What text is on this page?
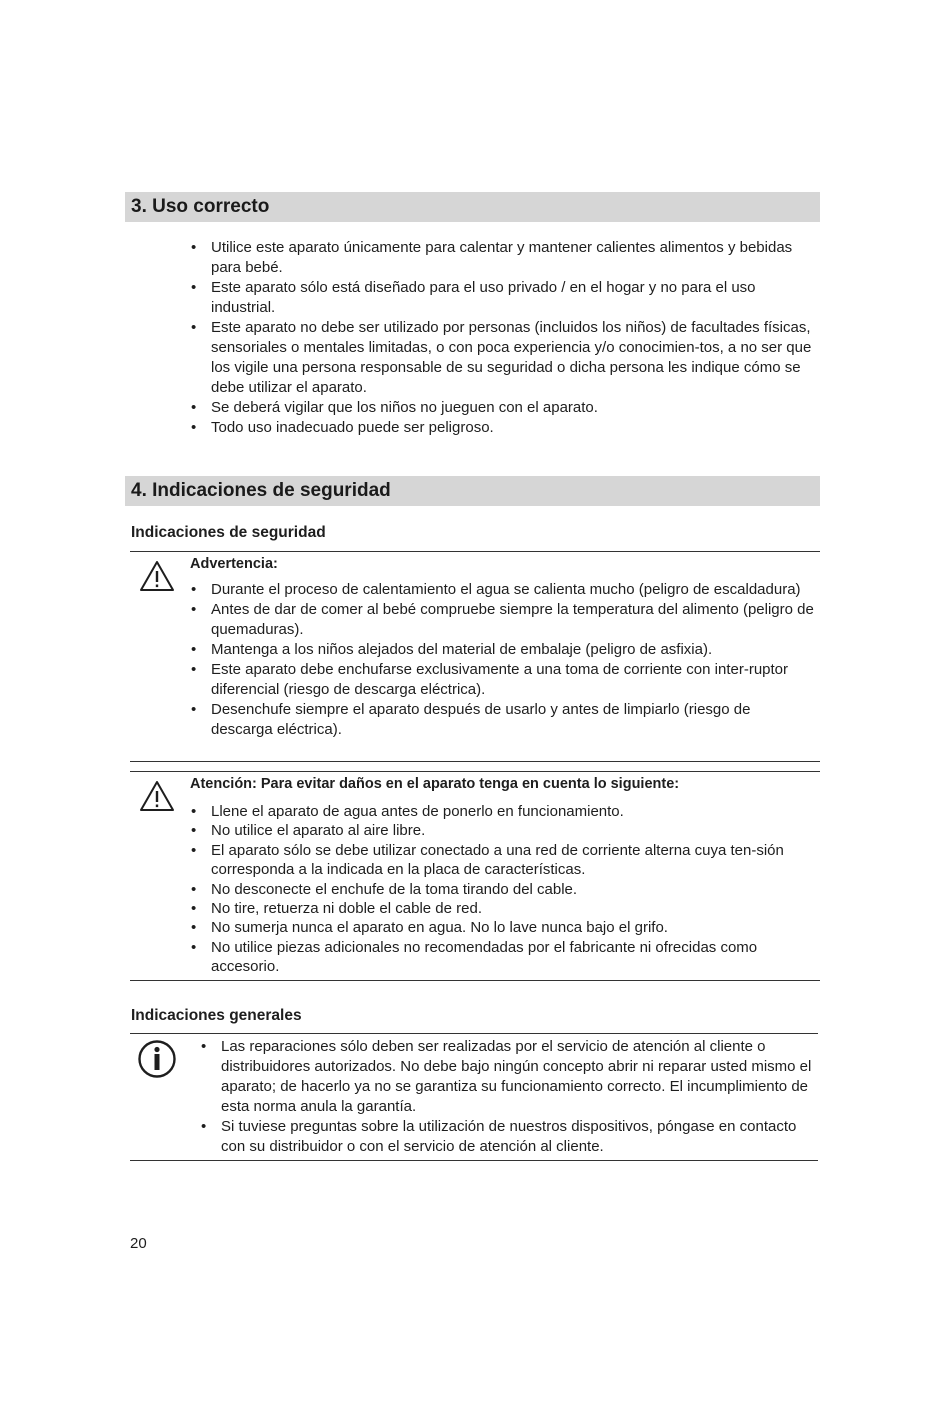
3. Uso correcto
• Utilice este aparato únicamente para calentar y mantener calientes alimentos y bebidas para bebé.
• Este aparato sólo está diseñado para el uso privado / en el hogar y no para el uso industrial.
• Este aparato no debe ser utilizado por personas (incluidos los niños) de facultades físicas, sensoriales o mentales limitadas, o con poca experiencia y/o conocimien-tos, a no ser que los vigile una persona responsable de su seguridad o dicha persona les indique cómo se debe utilizar el aparato.
• Se deberá vigilar que los niños no jueguen con el aparato.
• Todo uso inadecuado puede ser peligroso.
4. Indicaciones de seguridad
Indicaciones de seguridad
Advertencia:
• Durante el proceso de calentamiento el agua se calienta mucho (peligro de escaldadura)
• Antes de dar de comer al bebé compruebe siempre la temperatura del alimento (peligro de quemaduras).
• Mantenga a los niños alejados del material de embalaje (peligro de asfixia).
• Este aparato debe enchufarse exclusivamente a una toma de corriente con inter-ruptor diferencial (riesgo de descarga eléctrica).
• Desenchufe siempre el aparato después de usarlo y antes de limpiarlo (riesgo de descarga eléctrica).
Atención: Para evitar daños en el aparato tenga en cuenta lo siguiente:
• Llene el aparato de agua antes de ponerlo en funcionamiento.
• No utilice el aparato al aire libre.
• El aparato sólo se debe utilizar conectado a una red de corriente alterna cuya ten-sión corresponda a la indicada en la placa de características.
• No desconecte el enchufe de la toma tirando del cable.
• No tire, retuerza ni doble el cable de red.
• No sumerja nunca el aparato en agua. No lo lave nunca bajo el grifo.
• No utilice piezas adicionales no recomendadas por el fabricante ni ofrecidas como accesorio.
Indicaciones generales
• Las reparaciones sólo deben ser realizadas por el servicio de atención al cliente o distribuidores autorizados. No debe bajo ningún concepto abrir ni reparar usted mismo el aparato; de hacerlo ya no se garantiza su funcionamiento correcto. El incumplimiento de esta norma anula la garantía.
• Si tuviese preguntas sobre la utilización de nuestros dispositivos, póngase en contacto con su distribuidor o con el servicio de atención al cliente.
20
